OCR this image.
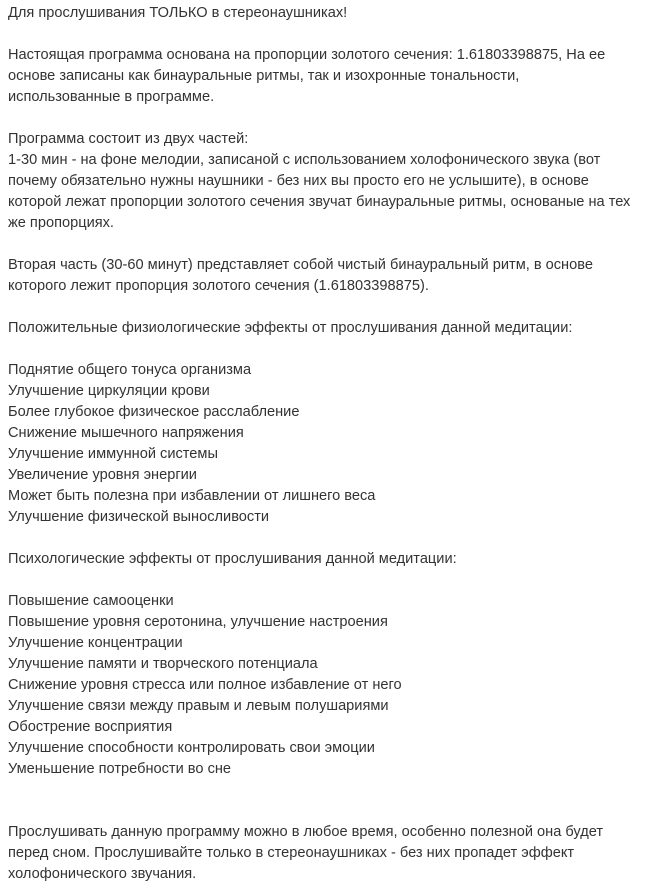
Для прослушивания ТОЛЬКО в стереонаушниках!
Настоящая программа основана на пропорции золотого сечения: 1.61803398875, На ее
основе записаны как бинауральные ритмы, так и изохронные тональности,
использованные в программе.
Программа состоит из двух частей:
1-30 мин - на фоне мелодии, записаной с использованием холофонического звука (вот
почему обязательно нужны наушники - без них вы просто его не услышите), в основе
которой лежат пропорции золотого сечения звучат бинауральные ритмы, основаные на тех
же пропорциях.
Вторая часть (30-60 минут) представляет собой чистый бинауральный ритм, в основе
которого лежит пропорция золотого сечения (1.61803398875).
Положительные физиологические эффекты от прослушивания данной медитации:
Поднятие общего тонуса организма
Улучшение циркуляции крови
Более глубокое физическое расслабление
Снижение мышечного напряжения
Улучшение иммунной системы
Увеличение уровня энергии
Может быть полезна при избавлении от лишнего веса
Улучшение физической выносливости
Психологические эффекты от прослушивания данной медитации:
Повышение самооценки
Повышение уровня серотонина, улучшение настроения
Улучшение концентрации
Улучшение памяти и творческого потенциала
Снижение уровня стресса или полное избавление от него
Улучшение связи между правым и левым полушариями
Обострение восприятия
Улучшение способности контролировать свои эмоции
Уменьшение потребности во сне
Прослушивать данную программу можно в любое время, особенно полезной она будет
перед сном. Прослушивайте только в стереонаушниках - без них пропадет эффект
холофонического звучания.
